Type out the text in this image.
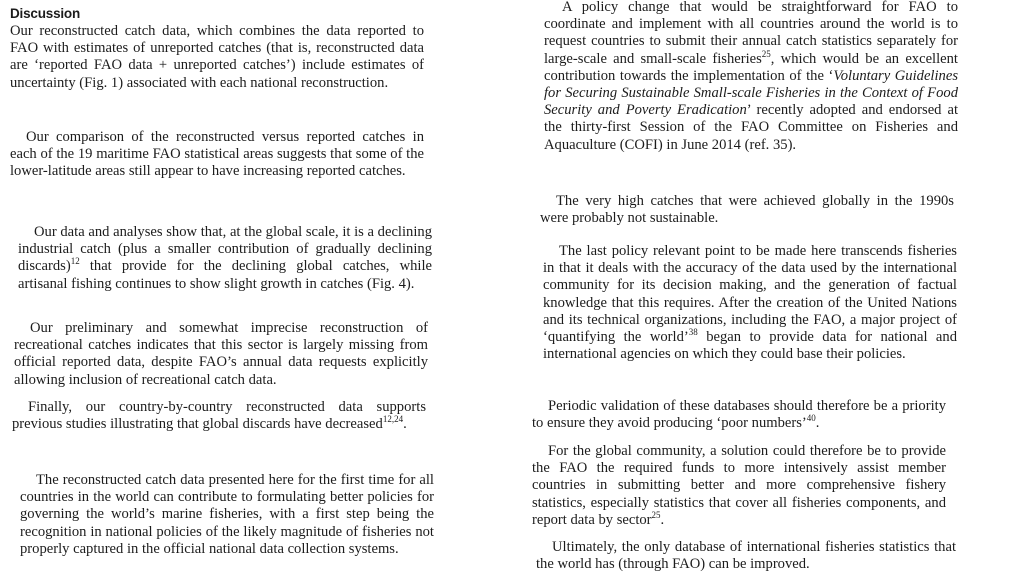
Discussion

Our reconstructed catch data, which combines the data reported to FAO with estimates of unreported catches (that is, reconstructed data are ‘reported FAO data + unreported catches’) include estimates of uncertainty (Fig. 1) associated with each national reconstruction.

Our comparison of the reconstructed versus reported catches in each of the 19 maritime FAO statistical areas suggests that some of the lower-latitude areas still appear to have increasing reported catches.

Our data and analyses show that, at the global scale, it is a declining industrial catch (plus a smaller contribution of gradually declining discards)$^{12}$ that provide for the declining global catches, while artisanal fishing continues to show slight growth in catches (Fig. 4).

Our preliminary and somewhat imprecise reconstruction of recreational catches indicates that this sector is largely missing from official reported data, despite FAO’s annual data requests explicitly allowing inclusion of recreational catch data.

Finally, our country-by-country reconstructed data supports previous studies illustrating that global discards have decreased$^{12,24}$.

The reconstructed catch data presented here for the first time for all countries in the world can contribute to formulating better policies for governing the world’s marine fisheries, with a first step being the recognition in national policies of the likely magnitude of fisheries not properly captured in the official national data collection systems.

A policy change that would be straightforward for FAO to coordinate and implement with all countries around the world is to request countries to submit their annual catch statistics separately for large-scale and small-scale fisheries$^{25}$, which would be an excellent contribution towards the implementation of the ‘Voluntary Guidelines for Securing Sustainable Small-scale Fisheries in the Context of Food Security and Poverty Eradication’ recently adopted and endorsed at the thirty-first Session of the FAO Committee on Fisheries and Aquaculture (COFI) in June 2014 (ref. 35).

The very high catches that were achieved globally in the 1990s were probably not sustainable.

The last policy relevant point to be made here transcends fisheries in that it deals with the accuracy of the data used by the international community for its decision making, and the generation of factual knowledge that this requires. After the creation of the United Nations and its technical organizations, including the FAO, a major project of ‘quantifying the world’$^{38}$ began to provide data for national and international agencies on which they could base their policies.

Periodic validation of these databases should therefore be a priority to ensure they avoid producing ‘poor numbers’$^{40}$.

For the global community, a solution could therefore be to provide the FAO the required funds to more intensively assist member countries in submitting better and more comprehensive fishery statistics, especially statistics that cover all fisheries components, and report data by sector$^{25}$.

Ultimately, the only database of international fisheries statistics that the world has (through FAO) can be improved.
